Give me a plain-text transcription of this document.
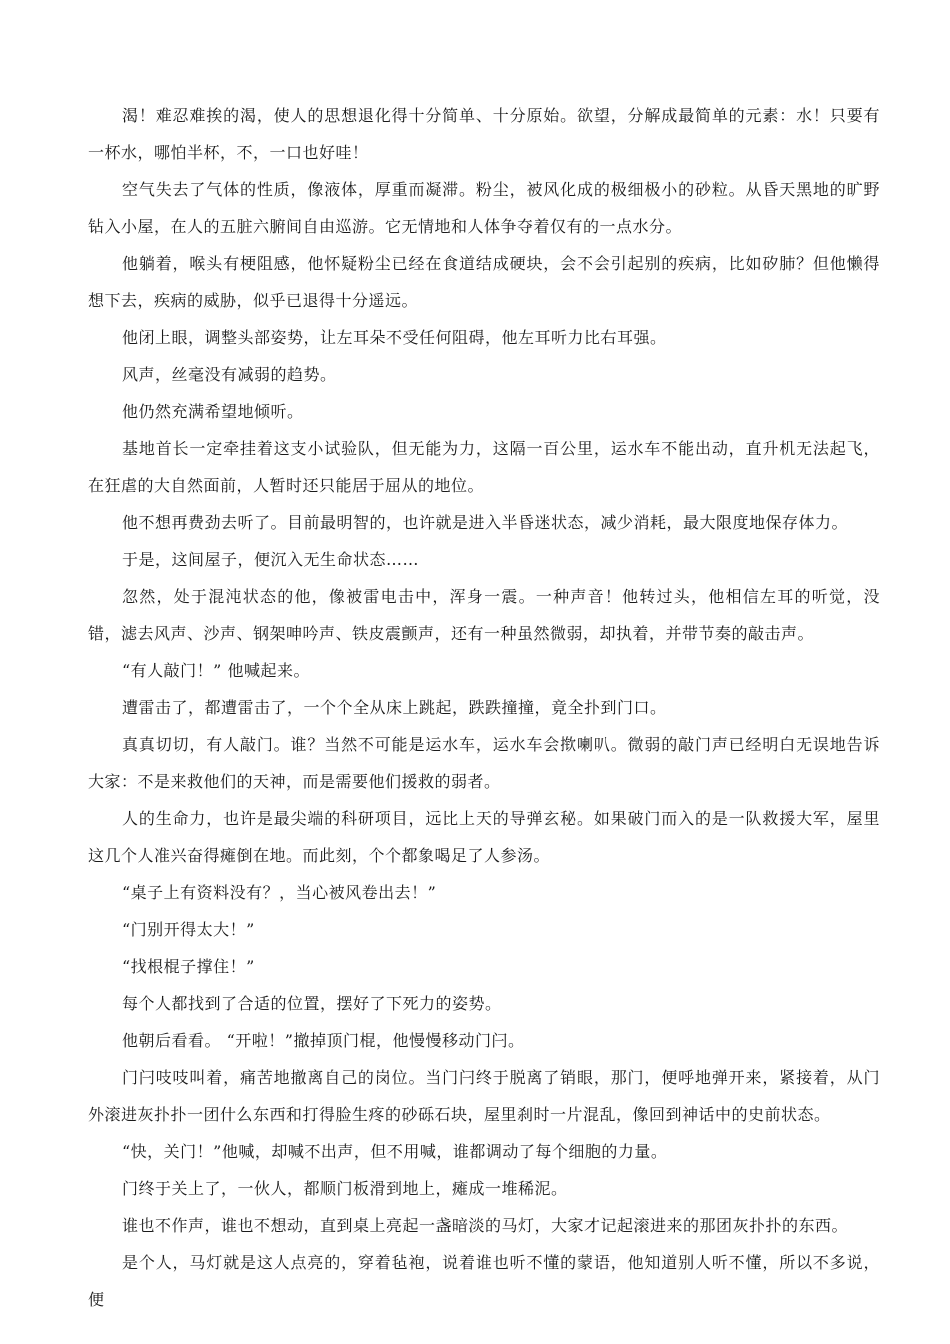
渴！难忍难挨的渴，使人的思想退化得十分简单、十分原始。欲望，分解成最简单的元素：水！只要有一杯水，哪怕半杯，不，一口也好哇！

空气失去了气体的性质，像液体，厚重而凝滞。粉尘，被风化成的极细极小的砂粒。从昏天黑地的旷野钻入小屋，在人的五脏六腑间自由巡游。它无情地和人体争夺着仅有的一点水分。

他躺着，喉头有梗阻感，他怀疑粉尘已经在食道结成硬块，会不会引起别的疾病，比如矽肺？但他懒得想下去，疾病的威胁，似乎已退得十分遥远。

他闭上眼，调整头部姿势，让左耳朵不受任何阻碍，他左耳听力比右耳强。

风声，丝毫没有减弱的趋势。

他仍然充满希望地倾听。

基地首长一定牵挂着这支小试验队，但无能为力，这隔一百公里，运水车不能出动，直升机无法起飞，在狂虐的大自然面前，人暂时还只能居于屈从的地位。

他不想再费劲去听了。目前最明智的，也许就是进入半昏迷状态，减少消耗，最大限度地保存体力。

于是，这间屋子，便沉入无生命状态……

忽然，处于混沌状态的他，像被雷电击中，浑身一震。一种声音！他转过头，他相信左耳的听觉，没错，滤去风声、沙声、钢架呻吟声、铁皮震颤声，还有一种虽然微弱，却执着，并带节奏的敲击声。

“有人敲门！” 他喊起来。

遭雷击了，都遭雷击了，一个个全从床上跳起，跌跌撞撞，竟全扑到门口。

真真切切，有人敲门。谁？当然不可能是运水车，运水车会揿喇叭。微弱的敲门声已经明白无误地告诉大家：不是来救他们的天神，而是需要他们援救的弱者。

人的生命力，也许是最尖端的科研项目，远比上天的导弹玄秘。如果破门而入的是一队救援大军，屋里这几个人准兴奋得瘫倒在地。而此刻，个个都象喝足了人参汤。

“桌子上有资料没有？，当心被风卷出去！”

“门别开得太大！”

“找根棍子撑住！”

每个人都找到了合适的位置，摆好了下死力的姿势。

他朝后看看。 “开啦！”撤掉顶门棍，他慢慢移动门闩。

门闩吱吱叫着，痛苦地撤离自己的岗位。当门闩终于脱离了销眼，那门，便呼地弹开来，紧接着，从门外滚进灰扑扑一团什么东西和打得脸生疼的砂砾石块，屋里刹时一片混乱，像回到神话中的史前状态。

“快，关门！”他喊，却喊不出声，但不用喊，谁都调动了每个细胞的力量。

门终于关上了，一伙人，都顺门板滑到地上，瘫成一堆稀泥。

谁也不作声，谁也不想动，直到桌上亮起一盏暗淡的马灯，大家才记起滚进来的那团灰扑扑的东西。

是个人，马灯就是这人点亮的，穿着毡袍，说着谁也听不懂的蒙语，他知道别人听不懂，所以不多说，便
